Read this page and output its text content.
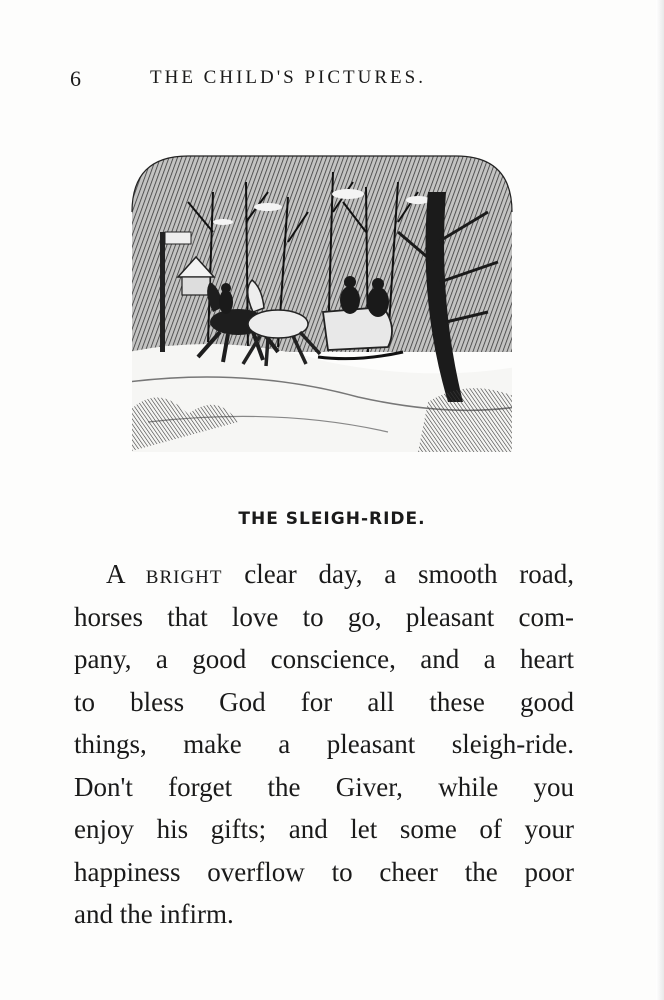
6	THE CHILD'S PICTURES.
THE SLEIGH-RIDE.
A bright clear day, a smooth road,
horses that love to go, pleasant com-
pany, a good conscience, and a heart
to bless God for all these good
things, make a pleasant sleigh-ride.
Don't forget the Giver, while you
enjoy his gifts; and let some of your
happiness overflow to cheer the poor
and the infirm.
